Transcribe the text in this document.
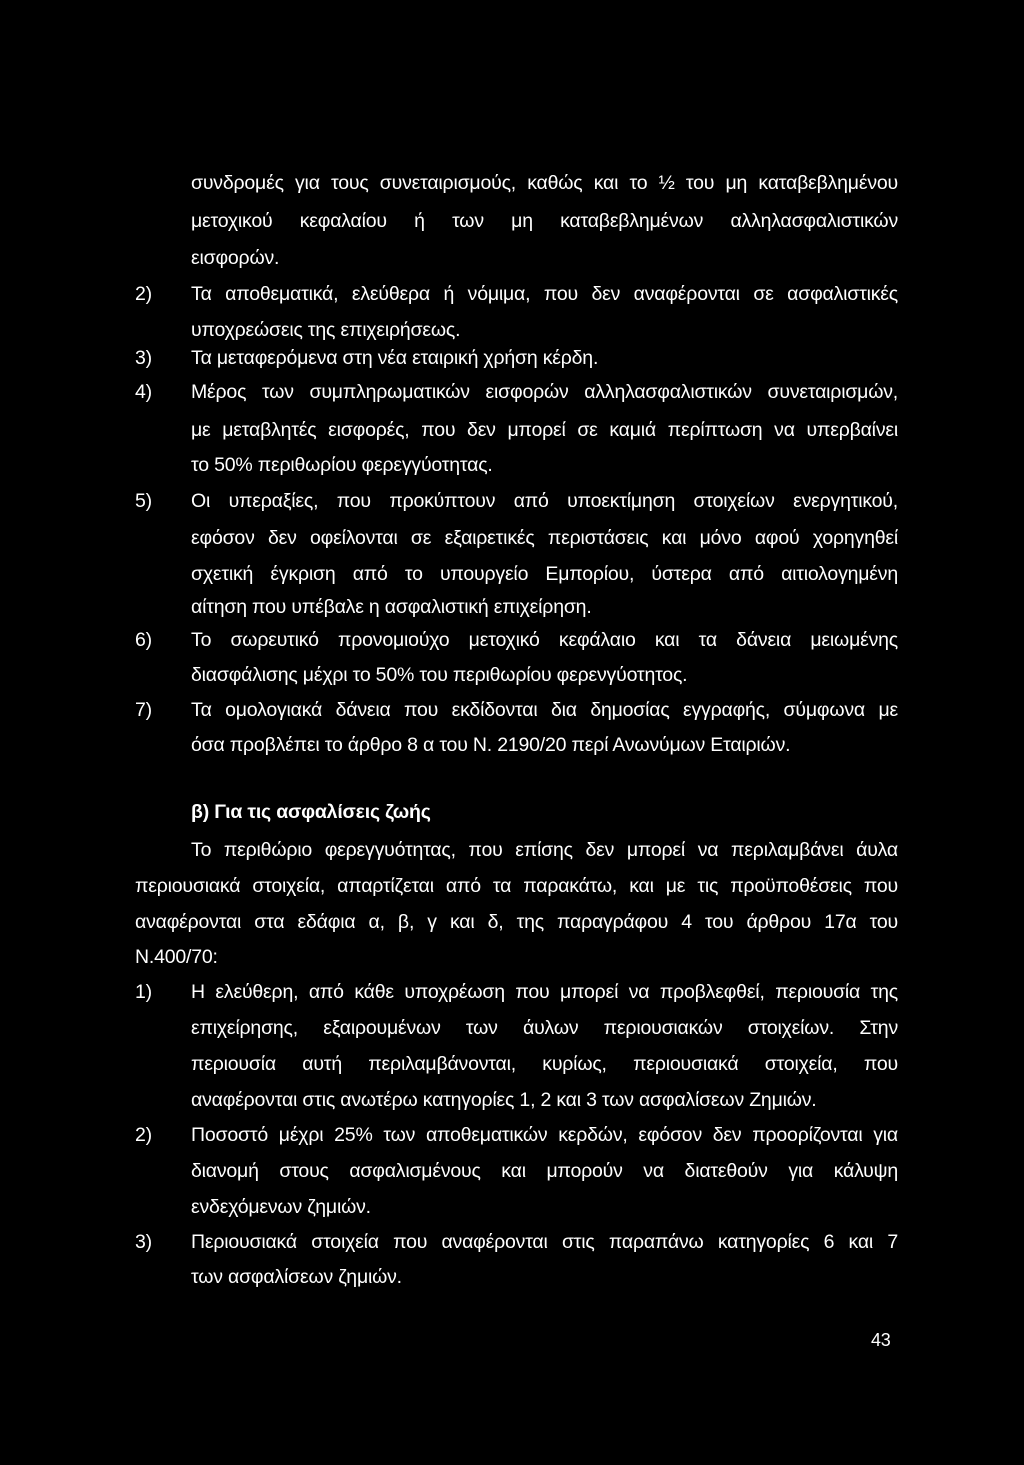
συνδρομές για τους συνεταιρισμούς, καθώς και το ½ του μη καταβεβλημένου
μετοχικού κεφαλαίου ή των μη καταβεβλημένων αλληλασφαλιστικών
εισφορών.
2) Τα αποθεματικά, ελεύθερα ή νόμιμα, που δεν αναφέρονται σε ασφαλιστικές
υποχρεώσεις της επιχειρήσεως.
3) Τα μεταφερόμενα στη νέα εταιρική χρήση κέρδη.
4) Μέρος των συμπληρωματικών εισφορών αλληλασφαλιστικών συνεταιρισμών,
με μεταβλητές εισφορές, που δεν μπορεί σε καμιά περίπτωση να υπερβαίνει
το 50% περιθωρίου φερεγγύοτητας.
5) Οι υπεραξίες, που προκύπτουν από υποεκτίμηση στοιχείων ενεργητικού,
εφόσον δεν οφείλονται σε εξαιρετικές περιστάσεις και μόνο αφού χορηγηθεί
σχετική έγκριση από το υπουργείο Εμπορίου, ύστερα από αιτιολογημένη
αίτηση που υπέβαλε η ασφαλιστική επιχείρηση.
6) Το σωρευτικό προνομιούχο μετοχικό κεφάλαιο και τα δάνεια μειωμένης
διασφάλισης μέχρι το 50% του περιθωρίου φερενγύοτητος.
7) Τα ομολογιακά δάνεια που εκδίδονται δια δημοσίας εγγραφής, σύμφωνα με
όσα προβλέπει το άρθρο 8 α του Ν. 2190/20 περί Ανωνύμων Εταιριών.
β) Για τις ασφαλίσεις ζωής
Το περιθώριο φερεγγυότητας, που επίσης δεν μπορεί να περιλαμβάνει άυλα
περιουσιακά στοιχεία, απαρτίζεται από τα παρακάτω, και με τις προϋποθέσεις που
αναφέρονται στα εδάφια α, β, γ και δ, της παραγράφου 4 του άρθρου 17α του
Ν.400/70:
1) Η ελεύθερη, από κάθε υποχρέωση που μπορεί να προβλεφθεί, περιουσία της
επιχείρησης, εξαιρουμένων των άυλων περιουσιακών στοιχείων. Στην
περιουσία αυτή περιλαμβάνονται, κυρίως, περιουσιακά στοιχεία, που
αναφέρονται στις ανωτέρω κατηγορίες 1, 2 και 3 των ασφαλίσεων Ζημιών.
2) Ποσοστό μέχρι 25% των αποθεματικών κερδών, εφόσον δεν προορίζονται για
διανομή στους ασφαλισμένους και μπορούν να διατεθούν για κάλυψη
ενδεχόμενων ζημιών.
3) Περιουσιακά στοιχεία που αναφέρονται στις παραπάνω κατηγορίες 6 και 7
των ασφαλίσεων ζημιών.
43
